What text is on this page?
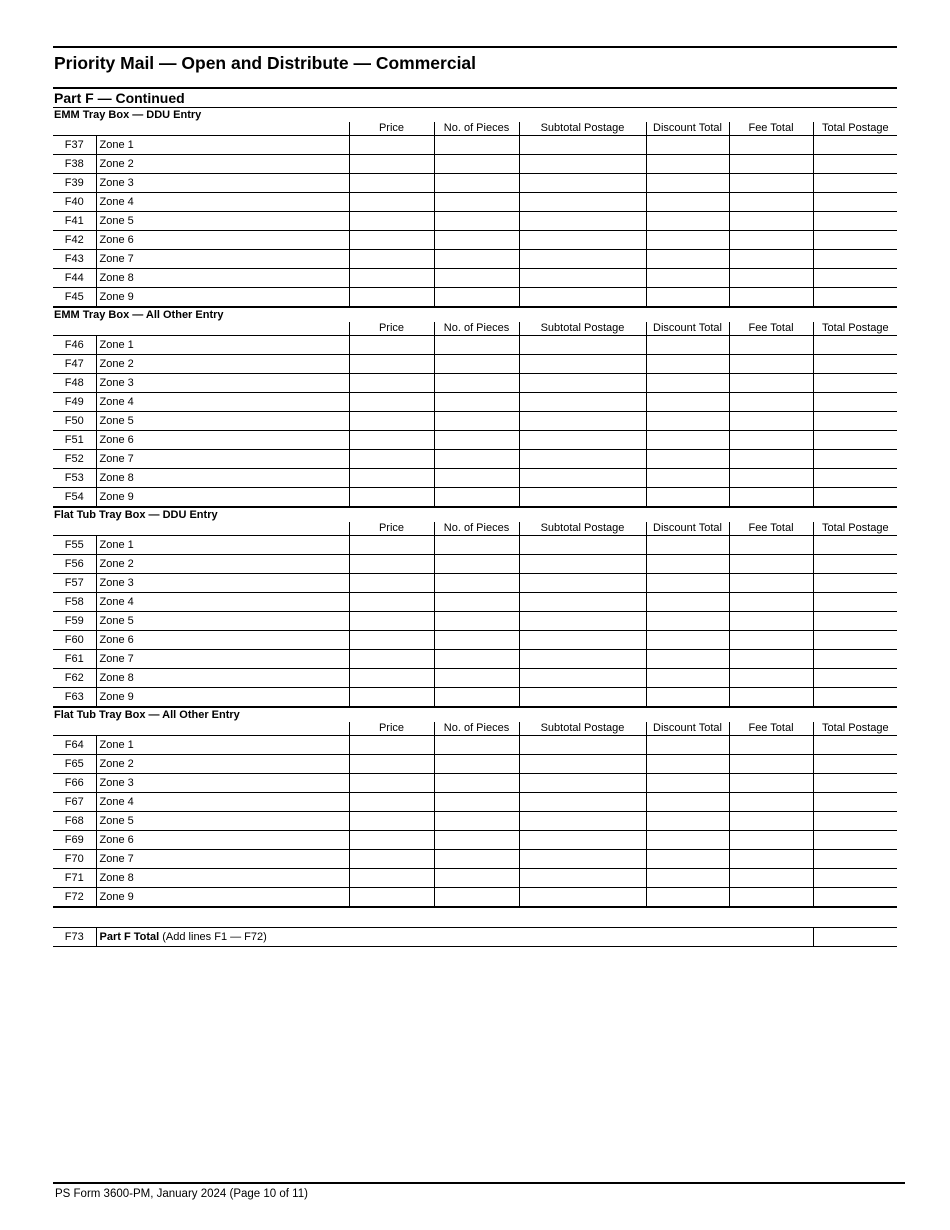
Priority Mail — Open and Distribute — Commercial
Part F — Continued
EMM Tray Box — DDU Entry							
		Price	No. of Pieces	Subtotal Postage	Discount Total	Fee Total	Total Postage
F37	Zone 1						
F38	Zone 2						
F39	Zone 3						
F40	Zone 4						
F41	Zone 5						
F42	Zone 6						
F43	Zone 7						
F44	Zone 8						
F45	Zone 9						
EMM Tray Box — All Other Entry							
		Price	No. of Pieces	Subtotal Postage	Discount Total	Fee Total	Total Postage
F46	Zone 1						
F47	Zone 2						
F48	Zone 3						
F49	Zone 4						
F50	Zone 5						
F51	Zone 6						
F52	Zone 7						
F53	Zone 8						
F54	Zone 9						
Flat Tub Tray Box — DDU Entry							
		Price	No. of Pieces	Subtotal Postage	Discount Total	Fee Total	Total Postage
F55	Zone 1						
F56	Zone 2						
F57	Zone 3						
F58	Zone 4						
F59	Zone 5						
F60	Zone 6						
F61	Zone 7						
F62	Zone 8						
F63	Zone 9						
Flat Tub Tray Box — All Other Entry							
		Price	No. of Pieces	Subtotal Postage	Discount Total	Fee Total	Total Postage
F64	Zone 1						
F65	Zone 2						
F66	Zone 3						
F67	Zone 4						
F68	Zone 5						
F69	Zone 6						
F70	Zone 7						
F71	Zone 8						
F72	Zone 9						
F73	Part F Total (Add lines F1 — F72)	
PS Form 3600-PM, January 2024 (Page 10 of 11)
